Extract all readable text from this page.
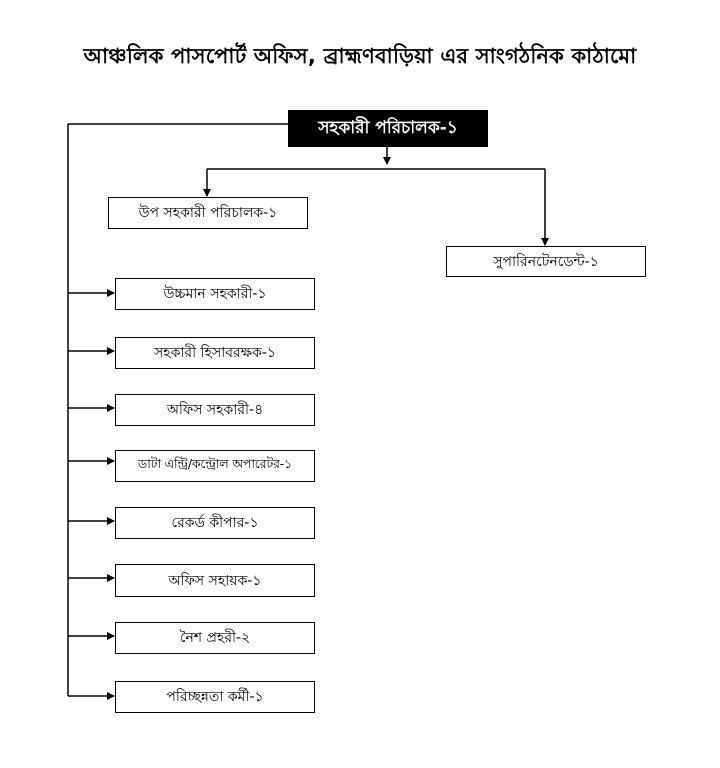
আঞ্চলিক পাসপোর্ট অফিস, ব্রাহ্মণবাড়িয়া এর সাংগঠনিক কাঠামো
সহকারী পরিচালক-১
উপ সহকারী পরিচালক-১
সুপারিনটেনডেন্ট-১
উচ্চমান সহকারী-১
সহকারী হিসাবরক্ষক-১
অফিস সহকারী-৪
ডাটা এন্ট্রি/কন্ট্রোল অপারেটর-১
রেকর্ড কীপার-১
অফিস সহায়ক-১
নৈশ প্রহরী-২
পরিচ্ছন্নতা কর্মী-১
